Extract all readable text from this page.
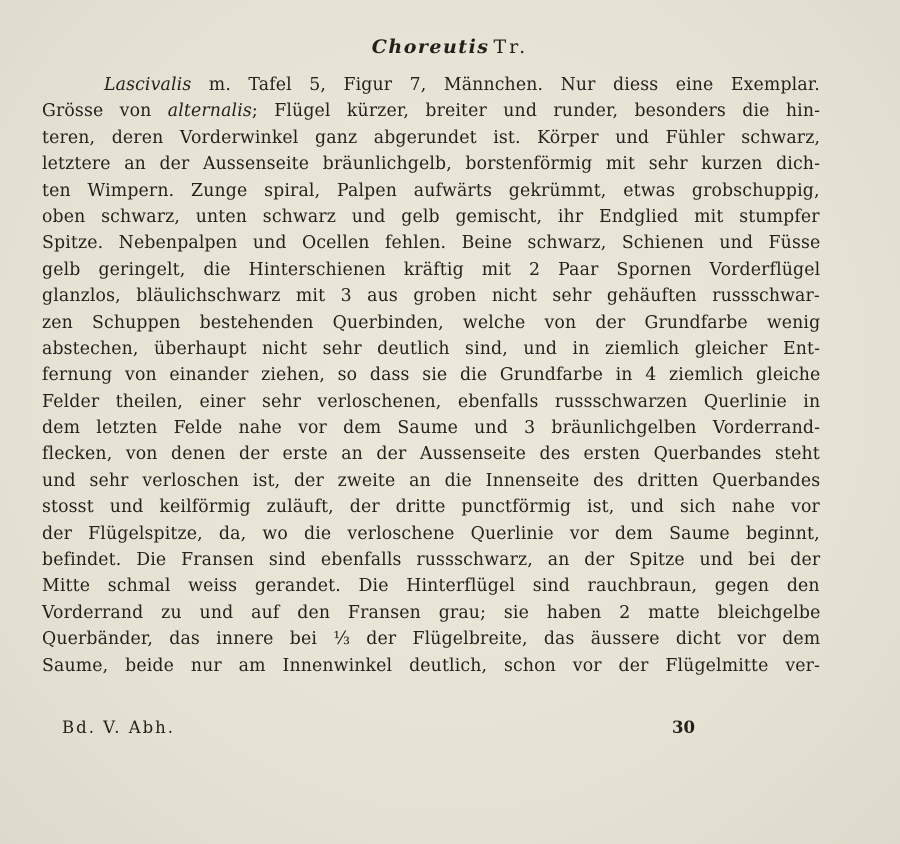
Choreutis Tr.
Lascivalis m. Tafel 5, Figur 7, Männchen. Nur diess eine Exemplar.
Grösse von alternalis; Flügel kürzer, breiter und runder, besonders die hin-
teren, deren Vorderwinkel ganz abgerundet ist. Körper und Fühler schwarz,
letztere an der Aussenseite bräunlichgelb, borstenförmig mit sehr kurzen dich-
ten Wimpern. Zunge spiral, Palpen aufwärts gekrümmt, etwas grobschuppig,
oben schwarz, unten schwarz und gelb gemischt, ihr Endglied mit stumpfer
Spitze. Nebenpalpen und Ocellen fehlen. Beine schwarz, Schienen und Füsse
gelb geringelt, die Hinterschienen kräftig mit 2 Paar Spornen Vorderflügel
glanzlos, bläulichschwarz mit 3 aus groben nicht sehr gehäuften russschwar-
zen Schuppen bestehenden Querbinden, welche von der Grundfarbe wenig
abstechen, überhaupt nicht sehr deutlich sind, und in ziemlich gleicher Ent-
fernung von einander ziehen, so dass sie die Grundfarbe in 4 ziemlich gleiche
Felder theilen, einer sehr verloschenen, ebenfalls russschwarzen Querlinie in
dem letzten Felde nahe vor dem Saume und 3 bräunlichgelben Vorderrand-
flecken, von denen der erste an der Aussenseite des ersten Querbandes steht
und sehr verloschen ist, der zweite an die Innenseite des dritten Querbandes
stosst und keilförmig zuläuft, der dritte punctförmig ist, und sich nahe vor
der Flügelspitze, da, wo die verloschene Querlinie vor dem Saume beginnt,
befindet. Die Fransen sind ebenfalls russschwarz, an der Spitze und bei der
Mitte schmal weiss gerandet. Die Hinterflügel sind rauchbraun, gegen den
Vorderrand zu und auf den Fransen grau; sie haben 2 matte bleichgelbe
Querbänder, das innere bei ⅓ der Flügelbreite, das äussere dicht vor dem
Saume, beide nur am Innenwinkel deutlich, schon vor der Flügelmitte ver-
Bd. V. Abh.	30
